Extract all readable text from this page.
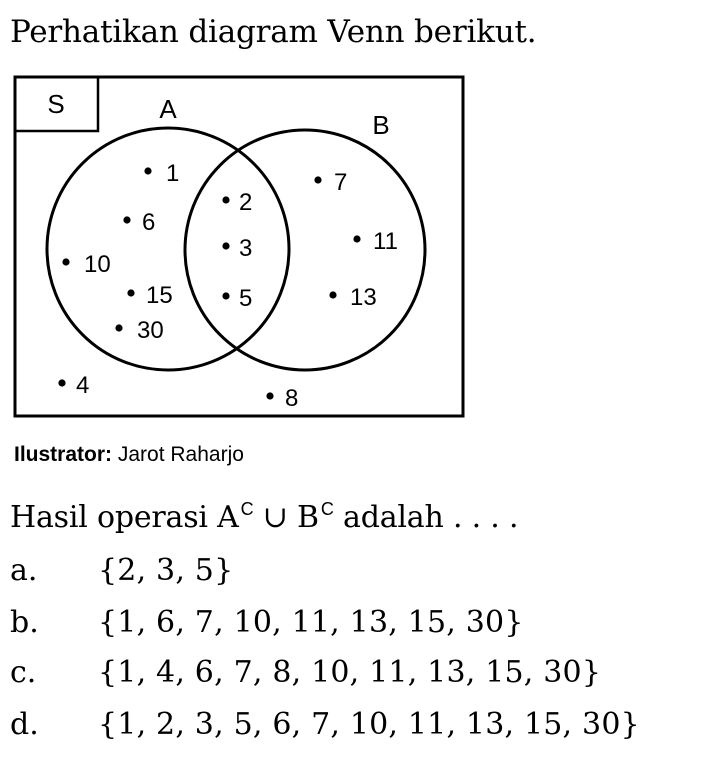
Perhatikan diagram Venn berikut.
S	A
B
1
6
10
15
30
2
3
5
7
11
13
4	8
Ilustrator: Jarot Raharjo
Hasil operasi A $^C$ ∪ B $^C$ adalah . . . .
a.	{2, 3, 5}
b.	{1, 6, 7, 10, 11, 13, 15, 30}
c.	{1, 4, 6, 7, 8, 10, 11, 13, 15, 30}
d.	{1, 2, 3, 5, 6, 7, 10, 11, 13, 15, 30}
